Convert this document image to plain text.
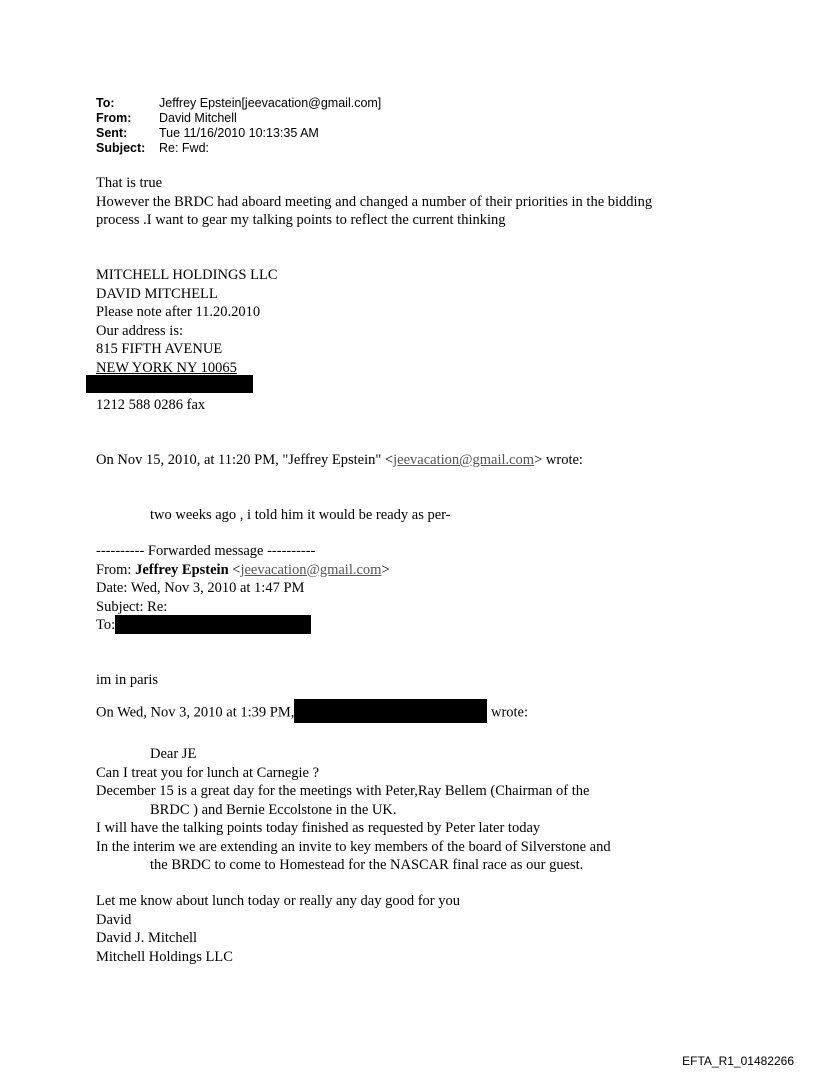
To:	Jeffrey Epstein[jeevacation@gmail.com]
From:	David Mitchell
Sent:	Tue 11/16/2010 10:13:35 AM
Subject:	Re: Fwd:
That is true
However the BRDC had aboard meeting and changed a number of their priorities in the bidding
process .I want to gear my talking points to reflect the current thinking
MITCHELL HOLDINGS LLC
DAVID MITCHELL
Please note after 11.20.2010
Our address is:
815 FIFTH AVENUE
NEW YORK NY 10065
1212 588 0286 fax
On Nov 15, 2010, at 11:20 PM, "Jeffrey Epstein" <jeevacation@gmail.com> wrote:
two weeks ago , i told him it would be ready as per-
---------- Forwarded message ----------
From: Jeffrey Epstein <jeevacation@gmail.com>
Date: Wed, Nov 3, 2010 at 1:47 PM
Subject: Re:
To:
im in paris
On Wed, Nov 3, 2010 at 1:39 PM,	wrote:
Dear JE
Can I treat you for lunch at Carnegie ?
December 15 is a great day for the meetings with Peter,Ray Bellem (Chairman of the
BRDC ) and Bernie Eccolstone in the UK.
I will have the talking points today finished as requested by Peter later today
In the interim we are extending an invite to key members of the board of Silverstone and
the BRDC to come to Homestead for the NASCAR final race as our guest.
Let me know about lunch today or really any day good for you
David
David J. Mitchell
Mitchell Holdings LLC
EFTA_R1_01482266
